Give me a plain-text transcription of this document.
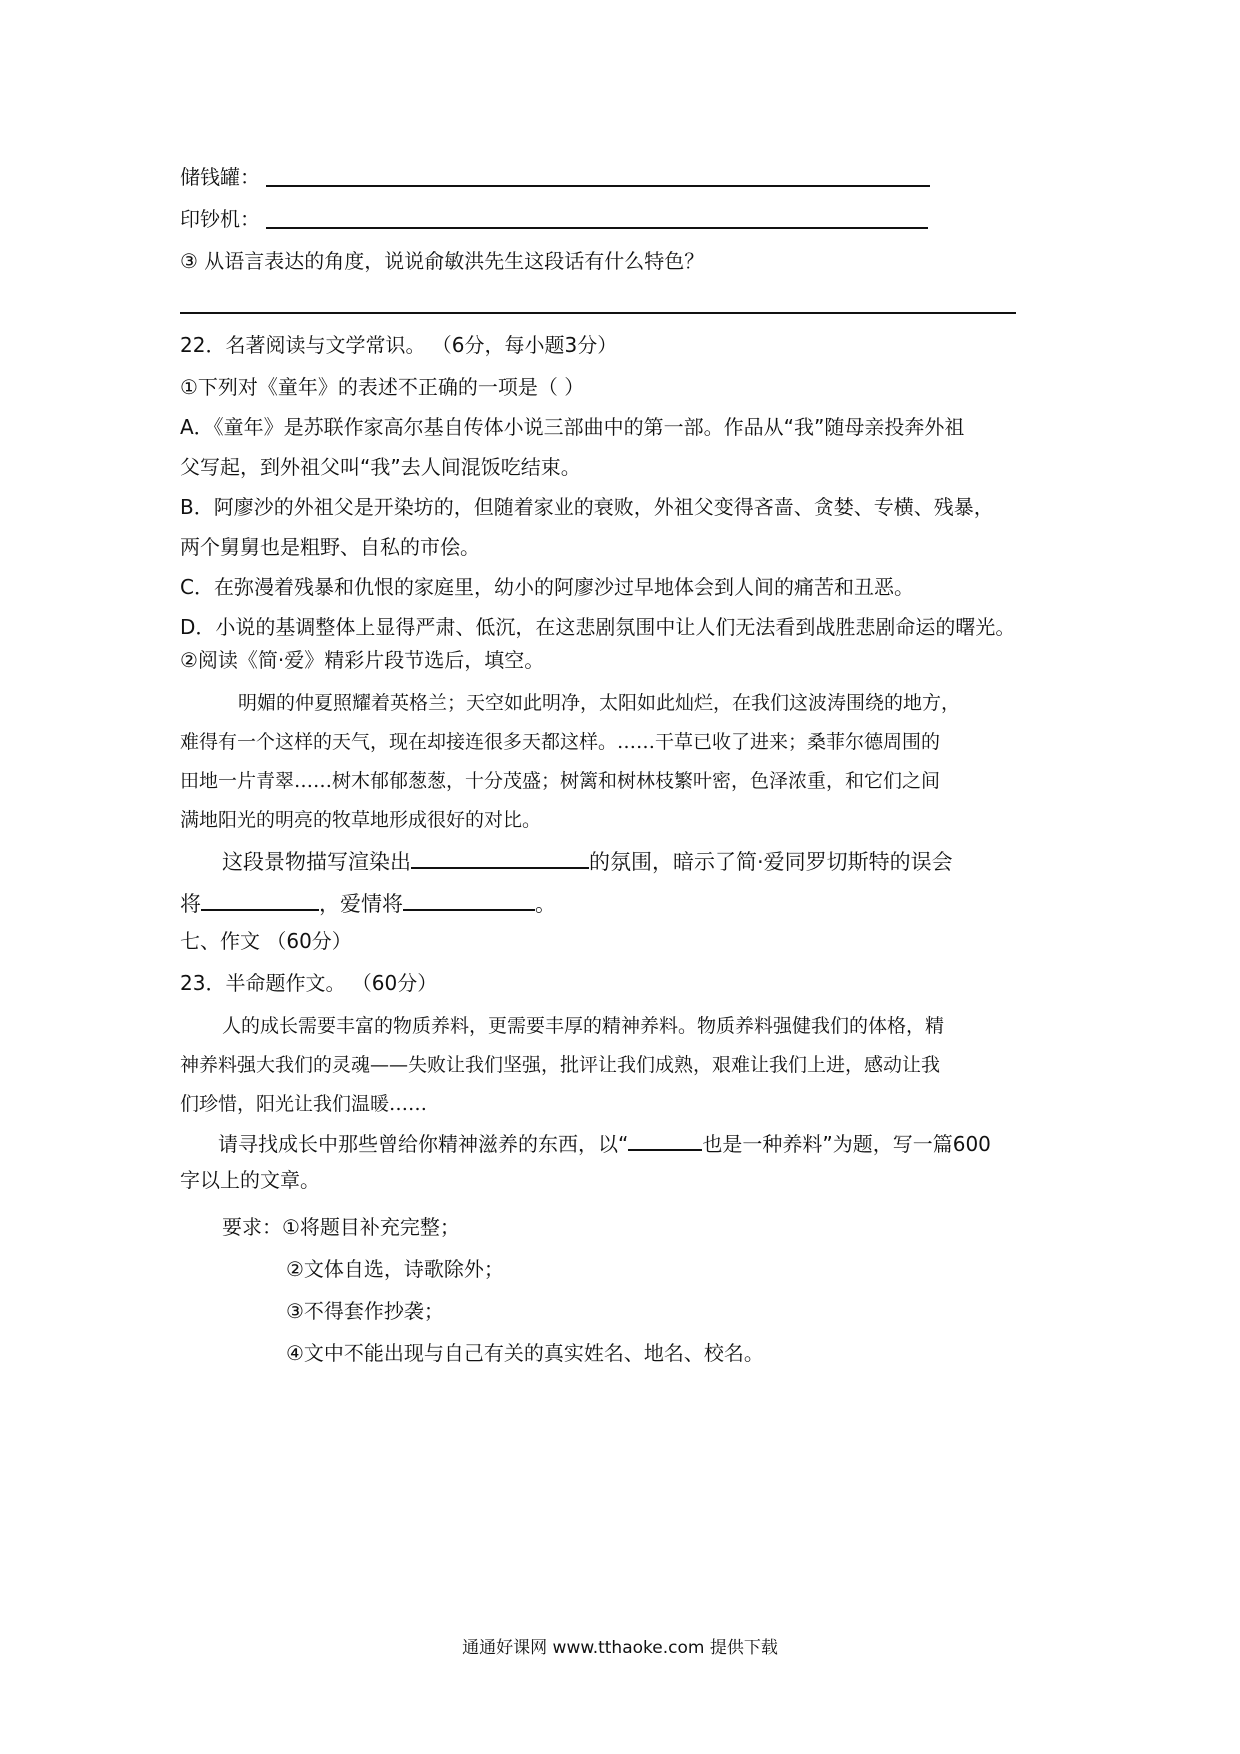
储钱罐：
印钞机：
③ 从语言表达的角度，说说俞敏洪先生这段话有什么特色？
22．名著阅读与文学常识。 （6分，每小题3分）
①下列对《童年》的表述不正确的一项是（ ）
A．《童年》是苏联作家高尔基自传体小说三部曲中的第一部。作品从“我”随母亲投奔外祖
父写起，到外祖父叫“我”去人间混饭吃结束。
B．阿廖沙的外祖父是开染坊的，但随着家业的衰败，外祖父变得吝啬、贪婪、专横、残暴，
两个舅舅也是粗野、自私的市侩。
C．在弥漫着残暴和仇恨的家庭里，幼小的阿廖沙过早地体会到人间的痛苦和丑恶。
D．小说的基调整体上显得严肃、低沉，在这悲剧氛围中让人们无法看到战胜悲剧命运的曙光。
②阅读《简·爱》精彩片段节选后，填空。
明媚的仲夏照耀着英格兰；天空如此明净，太阳如此灿烂，在我们这波涛围绕的地方，
难得有一个这样的天气，现在却接连很多天都这样。……干草已收了进来；桑菲尔德周围的
田地一片青翠……树木郁郁葱葱，十分茂盛；树篱和树林枝繁叶密，色泽浓重，和它们之间
满地阳光的明亮的牧草地形成很好的对比。
这段景物描写渲染出	的氛围，暗示了简·爱同罗切斯特的误会
将	，爱情将	。
七、作文 （60分）
23．半命题作文。 （60分）
人的成长需要丰富的物质养料，更需要丰厚的精神养料。物质养料强健我们的体格，精
神养料强大我们的灵魂——失败让我们坚强，批评让我们成熟，艰难让我们上进，感动让我
们珍惜，阳光让我们温暖……
请寻找成长中那些曾给你精神滋养的东西，以“	也是一种养料”为题，写一篇600
字以上的文章。
要求：①将题目补充完整；
②文体自选，诗歌除外；
③不得套作抄袭；
④文中不能出现与自己有关的真实姓名、地名、校名。
通通好课网 www.tthaoke.com 提供下载
